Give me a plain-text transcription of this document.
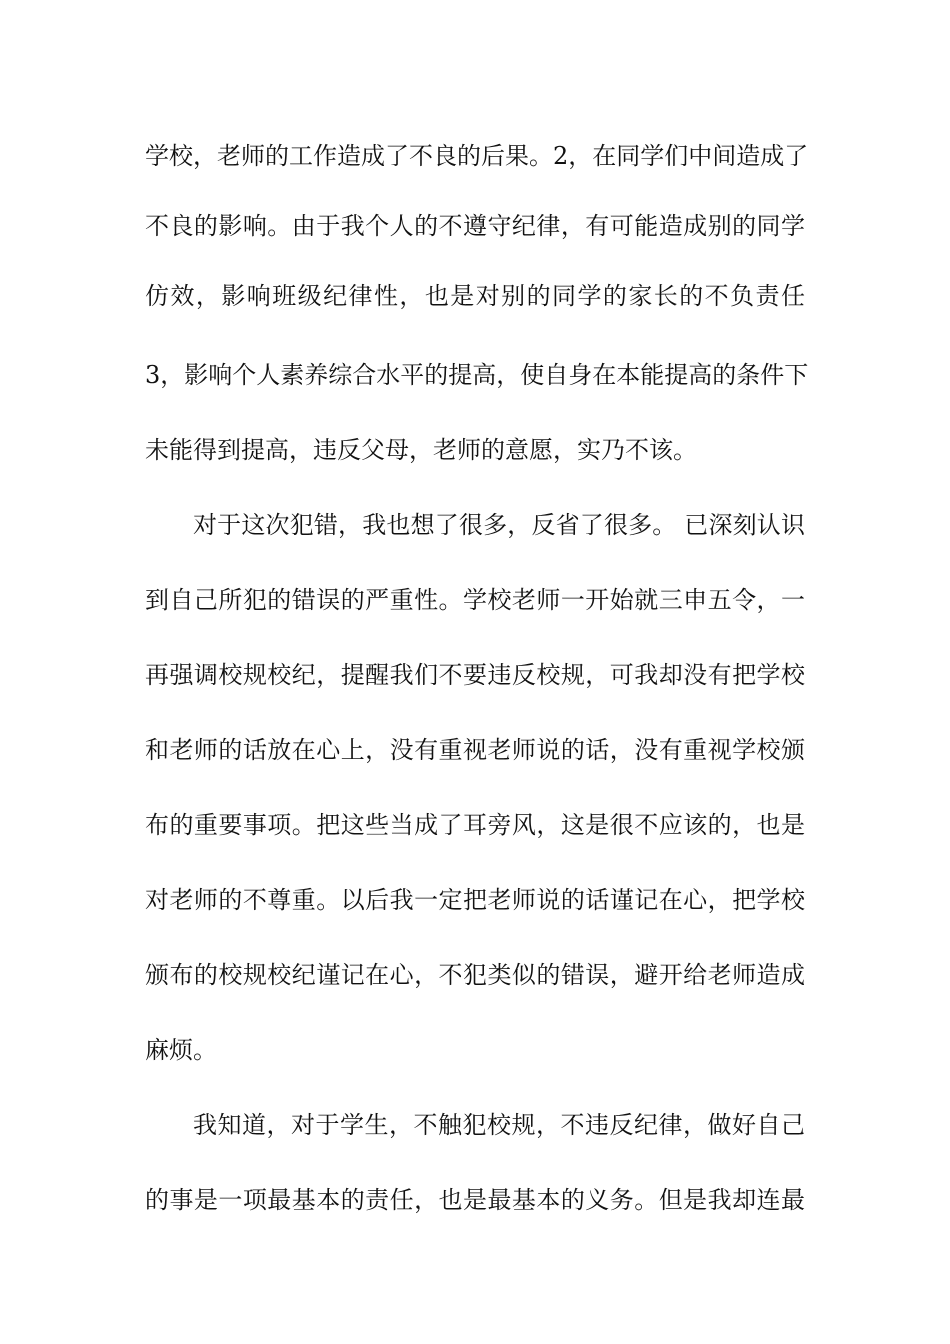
学校，老师的工作造成了不良的后果。2，在同学们中间造成了
不良的影响。由于我个人的不遵守纪律，有可能造成别的同学
仿效，影响班级纪律性，也是对别的同学的家长的不负责任
3，影响个人素养综合水平的提高，使自身在本能提高的条件下
未能得到提高，违反父母，老师的意愿，实乃不该。
对于这次犯错，我也想了很多，反省了很多。 已深刻认识
到自己所犯的错误的严重性。学校老师一开始就三申五令，一
再强调校规校纪，提醒我们不要违反校规，可我却没有把学校
和老师的话放在心上，没有重视老师说的话，没有重视学校颁
布的重要事项。把这些当成了耳旁风，这是很不应该的，也是
对老师的不尊重。以后我一定把老师说的话谨记在心，把学校
颁布的校规校纪谨记在心，不犯类似的错误，避开给老师造成
麻烦。
我知道，对于学生，不触犯校规，不违反纪律，做好自己
的事是一项最基本的责任，也是最基本的义务。但是我却连最
